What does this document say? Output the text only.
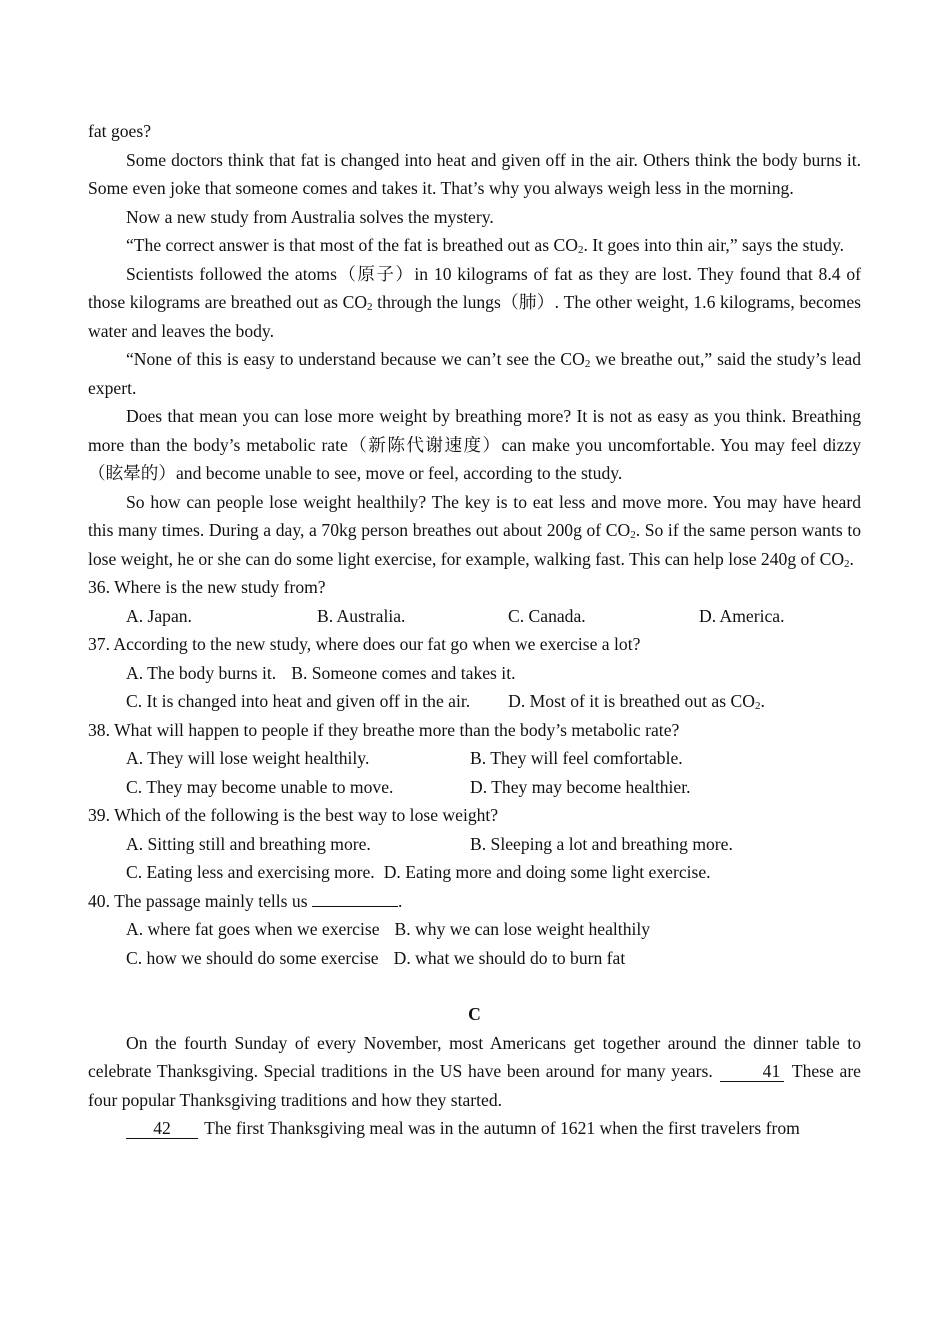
fat goes?

Some doctors think that fat is changed into heat and given off in the air. Others think the body burns it. Some even joke that someone comes and takes it. That’s why you always weigh less in the morning.

Now a new study from Australia solves the mystery.

“The correct answer is that most of the fat is breathed out as $CO_2$. It goes into thin air,” says the study.

Scientists followed the atoms（原子）in 10 kilograms of fat as they are lost. They found that 8.4 of those kilograms are breathed out as $CO_2$ through the lungs（肺）. The other weight, 1.6 kilograms, becomes water and leaves the body.

“None of this is easy to understand because we can’t see the $CO_2$ we breathe out,” said the study’s lead expert.

Does that mean you can lose more weight by breathing more? It is not as easy as you think. Breathing more than the body’s metabolic rate（新陈代谢速度）can make you uncomfortable. You may feel dizzy（眩晕的）and become unable to see, move or feel, according to the study.

So how can people lose weight healthily? The key is to eat less and move more. You may have heard this many times. During a day, a 70kg person breathes out about 200g of $CO_2$. So if the same person wants to lose weight, he or she can do some light exercise, for example, walking fast. This can help lose 240g of $CO_2$.

36. Where is the new study from?

A. Japan.	B. Australia.	C. Canada.	D. America.

37. According to the new study, where does our fat go when we exercise a lot?

A. The body burns it. B. Someone comes and takes it.
C. It is changed into heat and given off in the air. D. Most of it is breathed out as $CO_2$.

38. What will happen to people if they breathe more than the body’s metabolic rate?

A. They will lose weight healthily.	B. They will feel comfortable.
C. They may become unable to move.	D. They may become healthier.

39. Which of the following is the best way to lose weight?

A. Sitting still and breathing more.	B. Sleeping a lot and breathing more.
C. Eating less and exercising more. D. Eating more and doing some light exercise.

40. The passage mainly tells us	.

A. where fat goes when we exercise B. why we can lose weight healthily
C. how we should do some exercise D. what we should do to burn fat

C

On the fourth Sunday of every November, most Americans get together around the dinner table to celebrate Thanksgiving. Special traditions in the US have been around for many years.	41 These are four popular Thanksgiving traditions and how they started.

42 The first Thanksgiving meal was in the autumn of 1621 when the first travelers from
